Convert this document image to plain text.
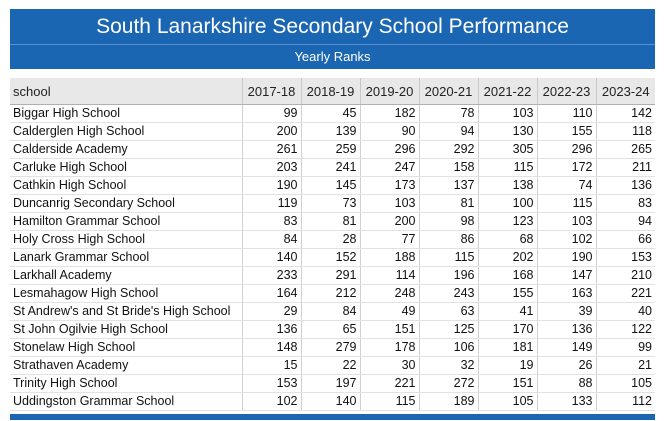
South Lanarkshire Secondary School Performance
Yearly Ranks
school	2017-18	2018-19	2019-20	2020-21	2021-22	2022-23	2023-24
Biggar High School	99	45	182	78	103	110	142
Calderglen High School	200	139	90	94	130	155	118
Calderside Academy	261	259	296	292	305	296	265
Carluke High School	203	241	247	158	115	172	211
Cathkin High School	190	145	173	137	138	74	136
Duncanrig Secondary School	119	73	103	81	100	115	83
Hamilton Grammar School	83	81	200	98	123	103	94
Holy Cross High School	84	28	77	86	68	102	66
Lanark Grammar School	140	152	188	115	202	190	153
Larkhall Academy	233	291	114	196	168	147	210
Lesmahagow High School	164	212	248	243	155	163	221
St Andrew's and St Bride's High School	29	84	49	63	41	39	40
St John Ogilvie High School	136	65	151	125	170	136	122
Stonelaw High School	148	279	178	106	181	149	99
Strathaven Academy	15	22	30	32	19	26	21
Trinity High School	153	197	221	272	151	88	105
Uddingston Grammar School	102	140	115	189	105	133	112
